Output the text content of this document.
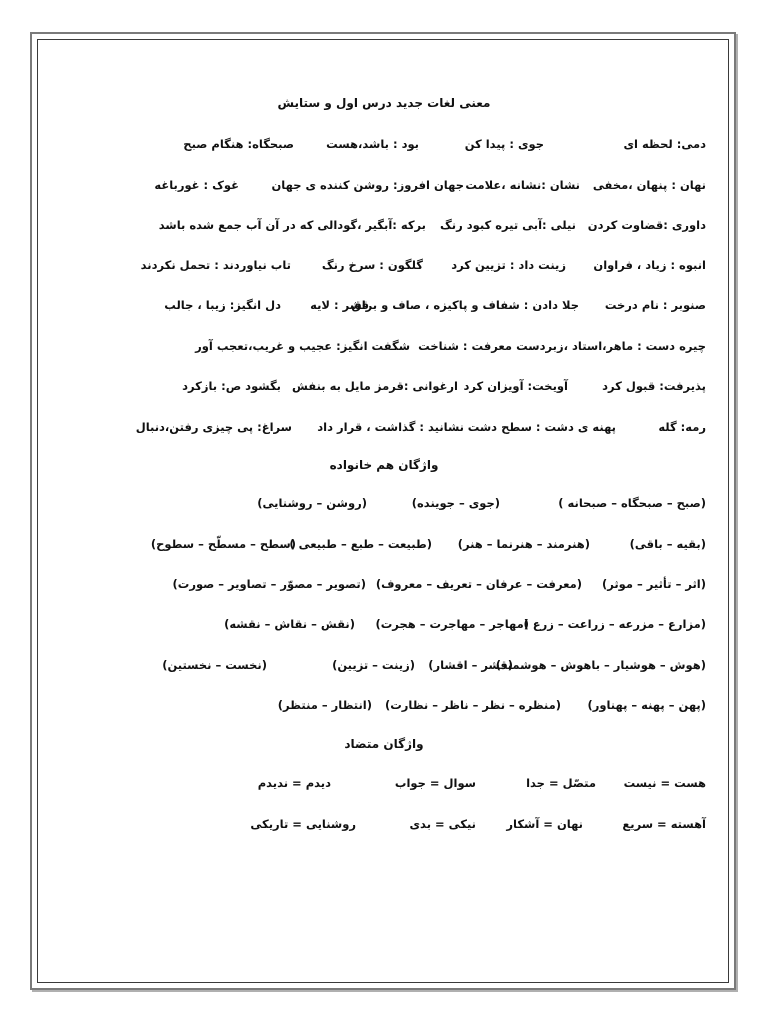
معنی لغات جدید درس اول و ستایش
دمی: لحظه ای
جوی : پیدا کن
بود : باشد،هست
صبحگاه: هنگام صبح
نهان : پنهان ،مخفی
نشان :نشانه ،علامت
جهان افروز: روشن کننده ی جهان
غوک : غورباغه
داوری :قضاوت کردن
نیلی :آبی تیره کبود رنگ
برکه :آبگیر ،گودالی که در آن آب جمع شده باشد
انبوه : زیاد ، فراوان
زینت داد : تزیین کرد
گلگون : سرخ رنگ
تاب نیاوردند : تحمل نکردند
صنوبر : نام درخت
جلا دادن : شفاف و پاکیزه ، صاف و براق
قشر : لایه
دل انگیز: زیبا ، جالب
چیره دست : ماهر،استاد ،زبردست
معرفت : شناخت
شگفت انگیز: عجیب و غریب،تعجب آور
پذیرفت: قبول کرد
آویخت: آویزان کرد
ارغوانی :قرمز مایل به بنفش
بگشود ص: بازکرد
رمه: گله
پهنه ی دشت : سطح دشت
نشانید : گذاشت ، قرار داد
سراغ: پی چیزی رفتن،دنبال
واژگان هم خانواده
(صبح – صبحگاه – صبحانه )
(جوی – جوینده)
(روشن – روشنایی)
(بقیه – باقی)
(هنرمند – هنرنما – هنر)
(طبیعت – طبع – طبیعی )
(سطح – مسطّح – سطوح)
(اثر – تأثیر – موثر)
(معرفت – عرفان – تعریف – معروف)
(تصویر – مصوّر – تصاویر – صورت)
(مزارع – مزرعه – زراعت – زرع )
(مهاجر – مهاجرت – هجرت)
(نقش – نقاش – نقشه)
(هوش – هوشیار – باهوش – هوشمند)
(قشر – اقشار)
(زینت – تزیین)
(نخست – نخستین)
(پهن – پهنه – پهناور)
(منظره – نظر – ناظر – نظارت)
(انتظار – منتظر)
واژگان متضاد
هست = نیست
متصّل = جدا
سوال = جواب
دیدم = ندیدم
آهسته = سریع
نهان = آشکار
نیکی = بدی
روشنایی = تاریکی
